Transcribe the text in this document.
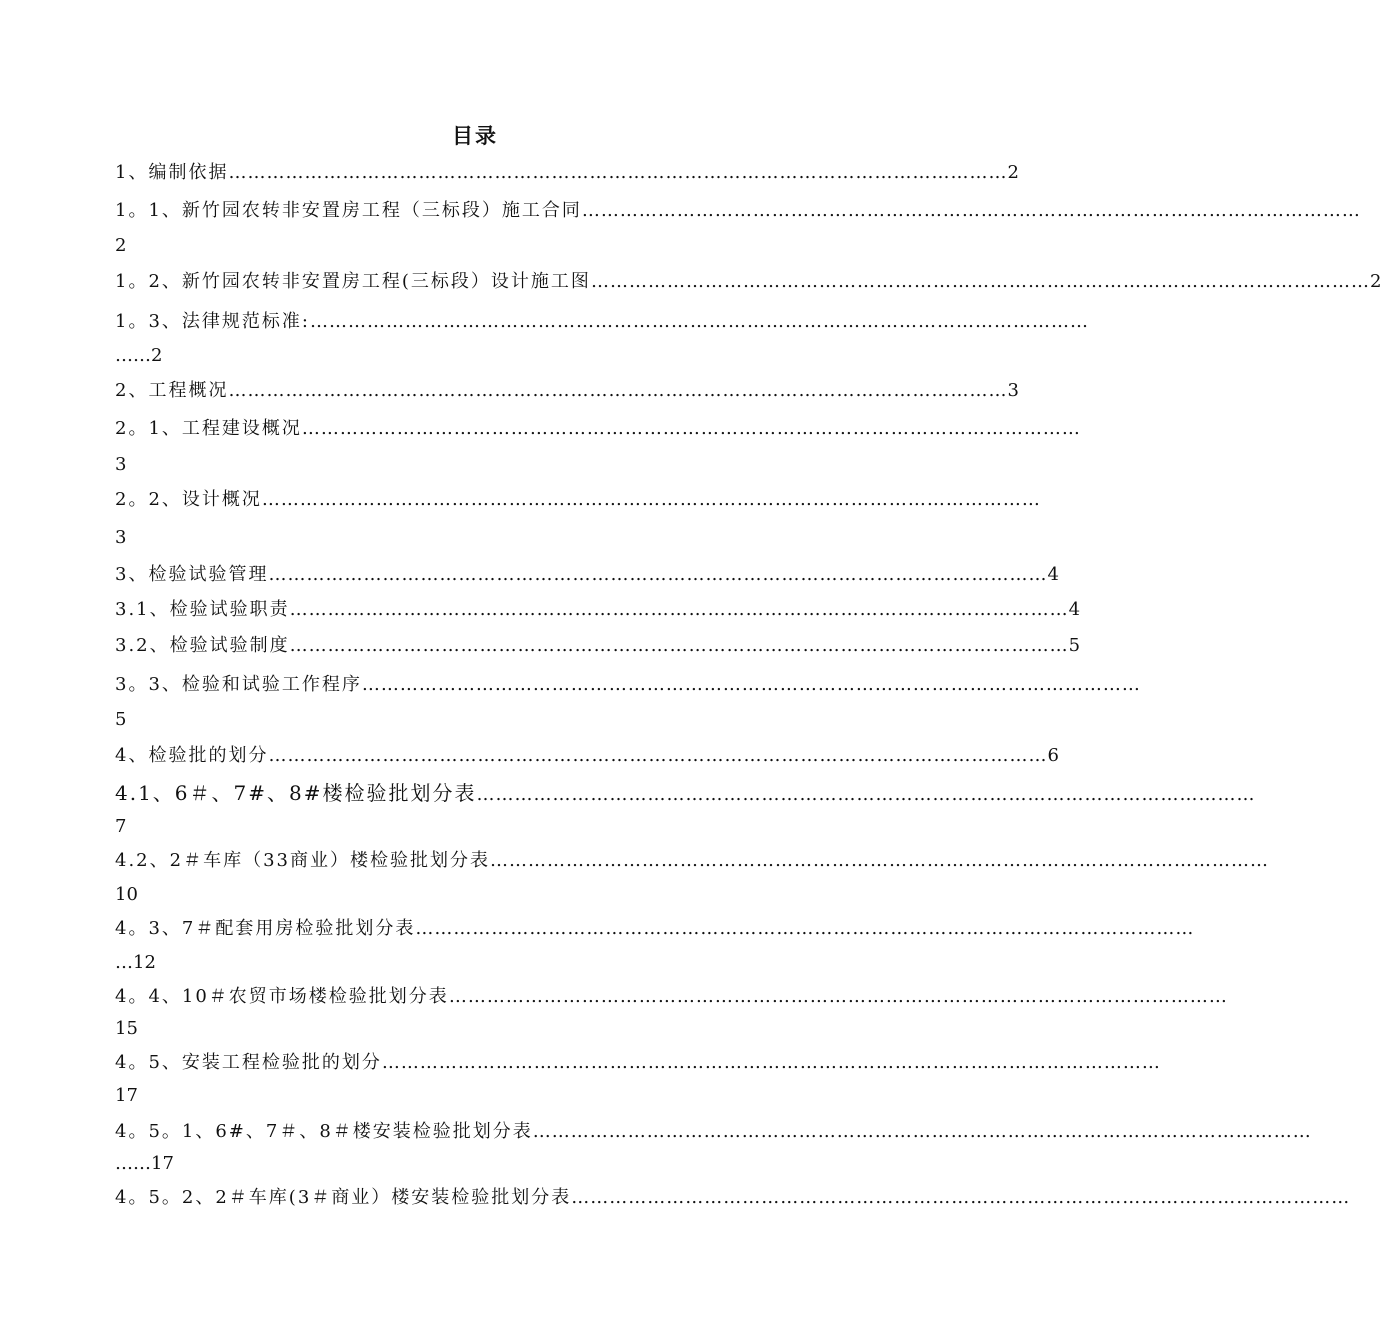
目录
1、编制依据 …………………………………………………………………………………………………………… 2
1。1、新竹园农转非安置房工程（三标段）施工合同 ……………………………………………………………………………………………………………
2
1。2、新竹园农转非安置房工程(三标段）设计施工图 …………………………………………………………………………………………………………… 2
1。3、法律规范标准: ……………………………………………………………………………………………………………
……2
2、工程概况 …………………………………………………………………………………………………………… 3
2。1、工程建设概况 ……………………………………………………………………………………………………………
3
2。2、设计概况 ……………………………………………………………………………………………………………
3
3、检验试验管理 …………………………………………………………………………………………………………… 4
3.1、检验试验职责 …………………………………………………………………………………………………………… 4
3.2、检验试验制度 …………………………………………………………………………………………………………… 5
3。3、检验和试验工作程序 ……………………………………………………………………………………………………………
5
4、检验批的划分 …………………………………………………………………………………………………………… 6
4.1、6＃、7#、8#楼检验批划分表 ……………………………………………………………………………………………………………
7
4.2、2＃车库（33商业）楼检验批划分表 ……………………………………………………………………………………………………………
10
4。3、7＃配套用房检验批划分表 ……………………………………………………………………………………………………………
…12
4。4、10＃农贸市场楼检验批划分表 ……………………………………………………………………………………………………………
15
4。5、安装工程检验批的划分 ……………………………………………………………………………………………………………
17
4。5。1、6#、7＃、8＃楼安装检验批划分表 ……………………………………………………………………………………………………………
……17
4。5。2、2＃车库(3＃商业）楼安装检验批划分表 ……………………………………………………………………………………………………………
